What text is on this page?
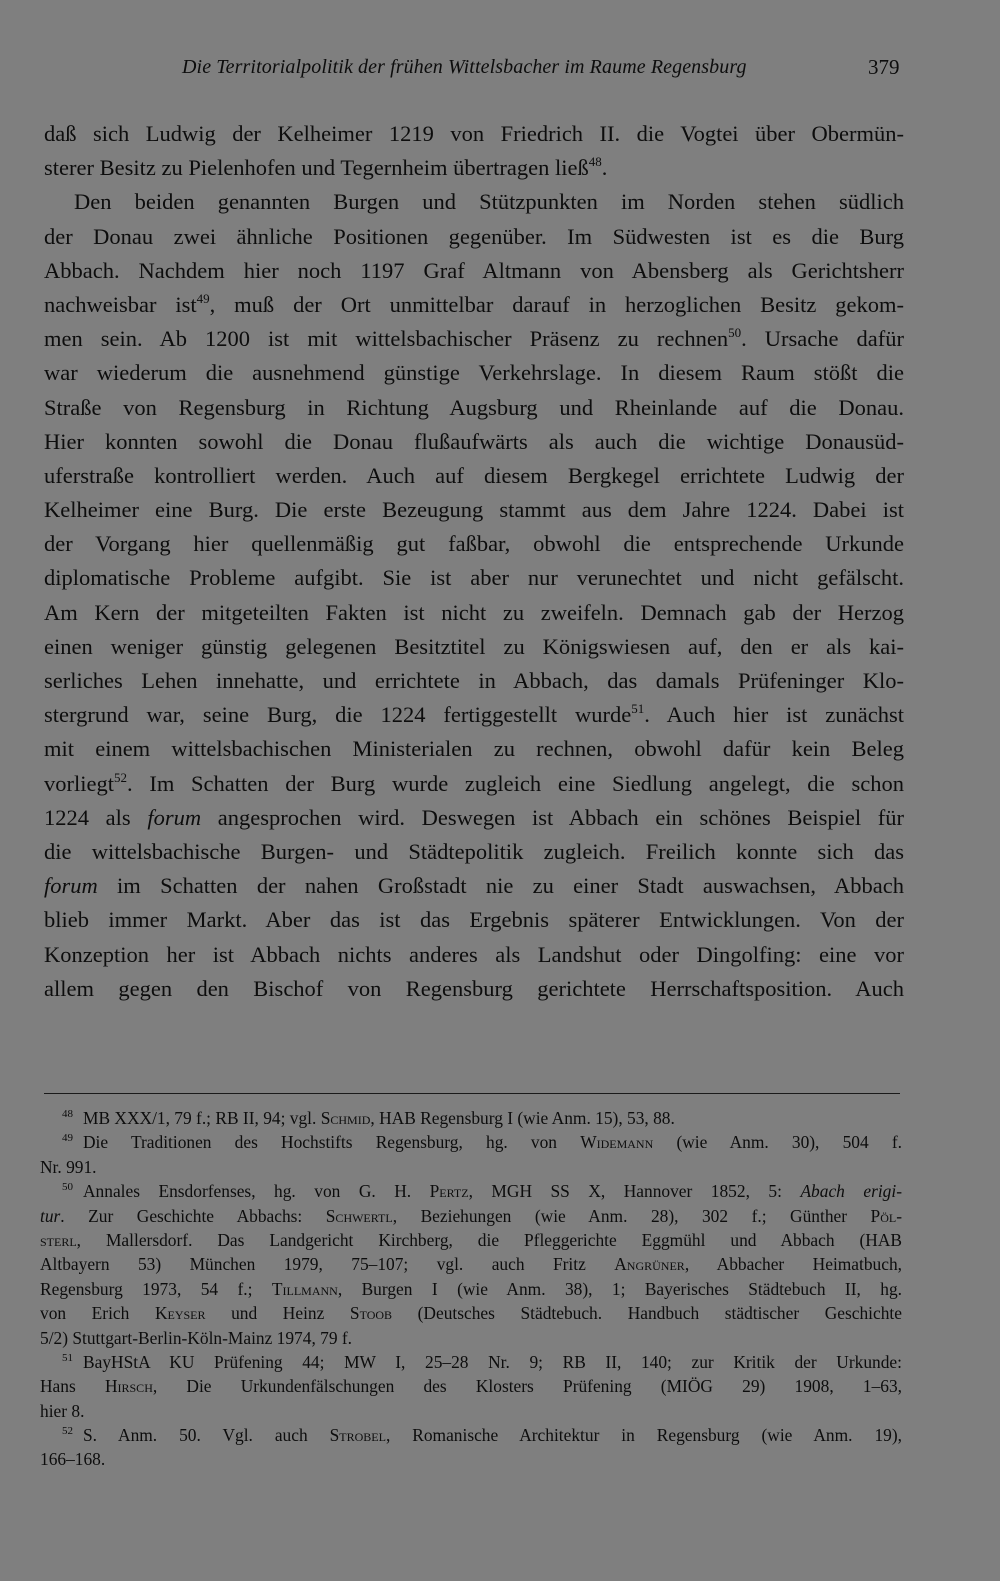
Die Territorialpolitik der frühen Wittelsbacher im Raume Regensburg	379
daß sich Ludwig der Kelheimer 1219 von Friedrich II. die Vogtei über Obermün-
sterer Besitz zu Pielenhofen und Tegernheim übertragen ließ$^{48}$.
Den beiden genannten Burgen und Stützpunkten im Norden stehen südlich
der Donau zwei ähnliche Positionen gegenüber. Im Südwesten ist es die Burg
Abbach. Nachdem hier noch 1197 Graf Altmann von Abensberg als Gerichtsherr
nachweisbar ist$^{49}$, muß der Ort unmittelbar darauf in herzoglichen Besitz gekom-
men sein. Ab 1200 ist mit wittelsbachischer Präsenz zu rechnen$^{50}$. Ursache dafür
war wiederum die ausnehmend günstige Verkehrslage. In diesem Raum stößt die
Straße von Regensburg in Richtung Augsburg und Rheinlande auf die Donau.
Hier konnten sowohl die Donau flußaufwärts als auch die wichtige Donausüd-
uferstraße kontrolliert werden. Auch auf diesem Bergkegel errichtete Ludwig der
Kelheimer eine Burg. Die erste Bezeugung stammt aus dem Jahre 1224. Dabei ist
der Vorgang hier quellenmäßig gut faßbar, obwohl die entsprechende Urkunde
diplomatische Probleme aufgibt. Sie ist aber nur verunechtet und nicht gefälscht.
Am Kern der mitgeteilten Fakten ist nicht zu zweifeln. Demnach gab der Herzog
einen weniger günstig gelegenen Besitztitel zu Königswiesen auf, den er als kai-
serliches Lehen innehatte, und errichtete in Abbach, das damals Prüfeninger Klo-
stergrund war, seine Burg, die 1224 fertiggestellt wurde$^{51}$. Auch hier ist zunächst
mit einem wittelsbachischen Ministerialen zu rechnen, obwohl dafür kein Beleg
vorliegt$^{52}$. Im Schatten der Burg wurde zugleich eine Siedlung angelegt, die schon
1224 als forum angesprochen wird. Deswegen ist Abbach ein schönes Beispiel für
die wittelsbachische Burgen- und Städtepolitik zugleich. Freilich konnte sich das
forum im Schatten der nahen Großstadt nie zu einer Stadt auswachsen, Abbach
blieb immer Markt. Aber das ist das Ergebnis späterer Entwicklungen. Von der
Konzeption her ist Abbach nichts anderes als Landshut oder Dingolfing: eine vor
allem gegen den Bischof von Regensburg gerichtete Herrschaftsposition. Auch
$^{48}$ MB XXX/1, 79 f.; RB II, 94; vgl. Schmid, HAB Regensburg I (wie Anm. 15), 53, 88.
$^{49}$ Die Traditionen des Hochstifts Regensburg, hg. von Widemann (wie Anm. 30), 504 f.
Nr. 991.
$^{50}$ Annales Ensdorfenses, hg. von G. H. Pertz, MGH SS X, Hannover 1852, 5: Abach erigi-
tur. Zur Geschichte Abbachs: Schwertl, Beziehungen (wie Anm. 28), 302 f.; Günther Pöl-
sterl, Mallersdorf. Das Landgericht Kirchberg, die Pfleggerichte Eggmühl und Abbach (HAB
Altbayern 53) München 1979, 75–107; vgl. auch Fritz Angrüner, Abbacher Heimatbuch,
Regensburg 1973, 54 f.; Tillmann, Burgen I (wie Anm. 38), 1; Bayerisches Städtebuch II, hg.
von Erich Keyser und Heinz Stoob (Deutsches Städtebuch. Handbuch städtischer Geschichte
5/2) Stuttgart-Berlin-Köln-Mainz 1974, 79 f.
$^{51}$ BayHStA KU Prüfening 44; MW I, 25–28 Nr. 9; RB II, 140; zur Kritik der Urkunde:
Hans Hirsch, Die Urkundenfälschungen des Klosters Prüfening (MIÖG 29) 1908, 1–63,
hier 8.
$^{52}$ S. Anm. 50. Vgl. auch Strobel, Romanische Architektur in Regensburg (wie Anm. 19),
166–168.
